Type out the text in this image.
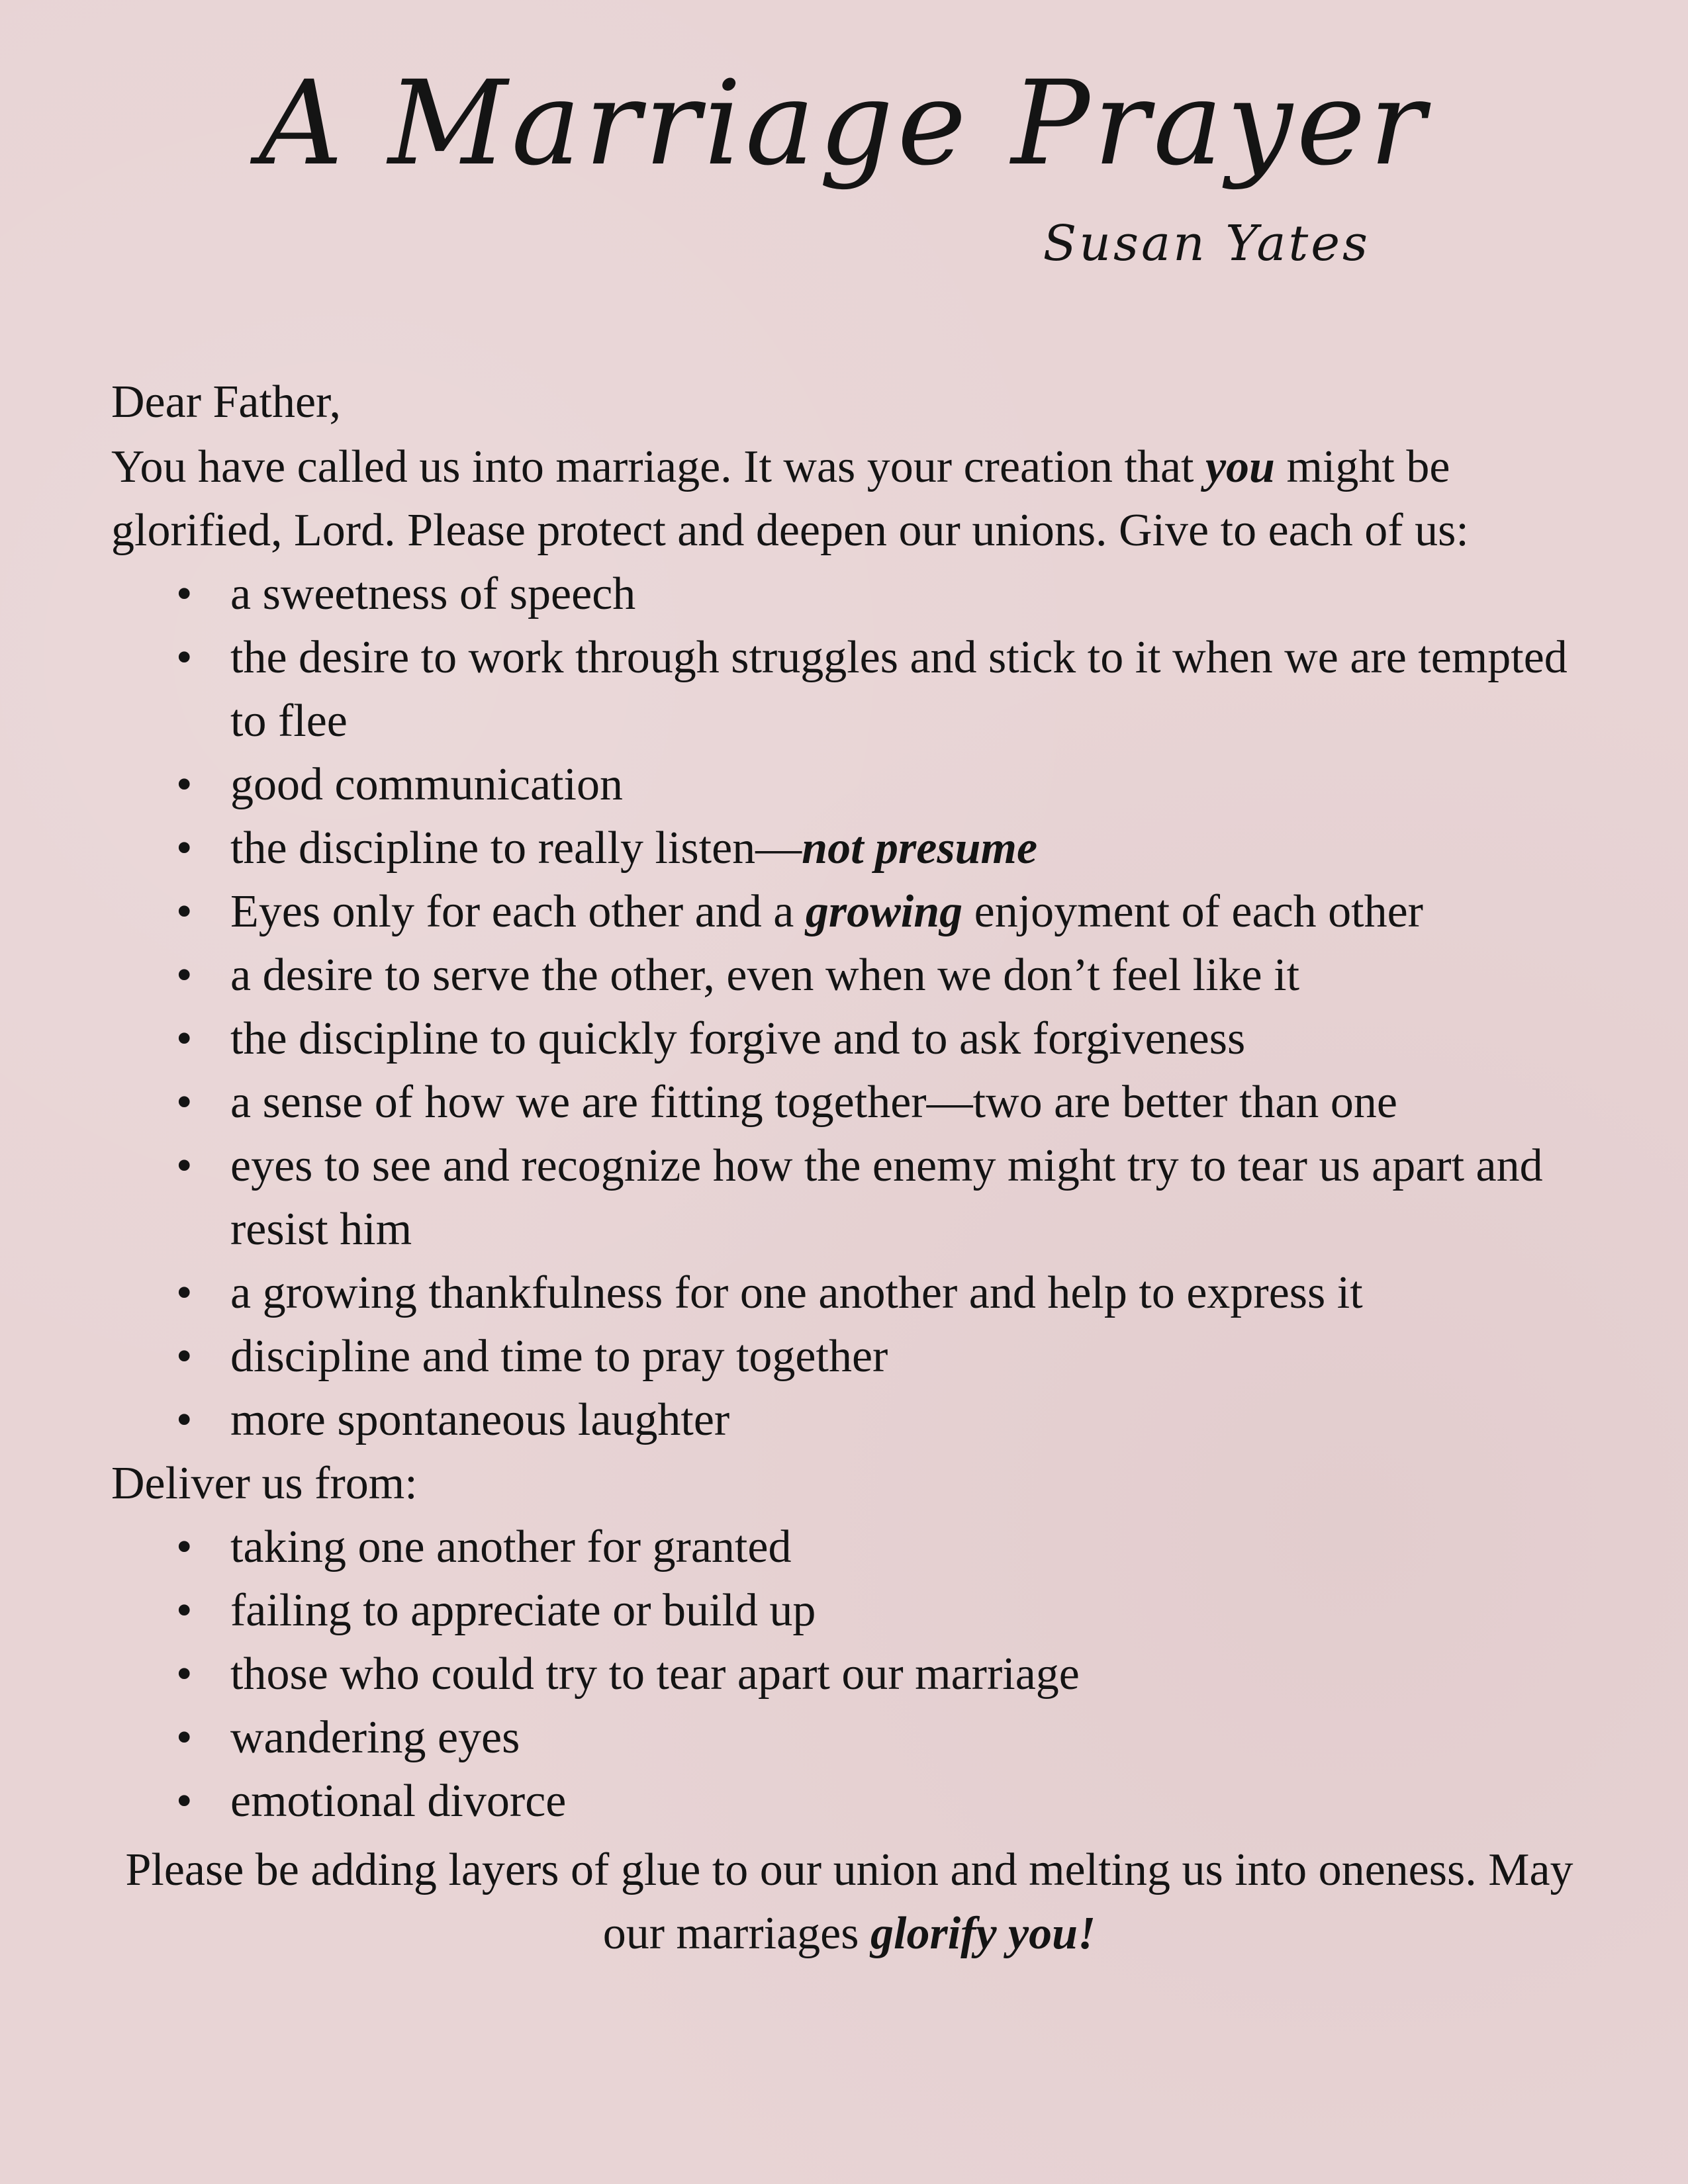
A Marriage Prayer
Susan Yates

Dear Father,

You have called us into marriage. It was your creation that you might be glorified, Lord. Please protect and deepen our unions. Give to each of us:

• a sweetness of speech
• the desire to work through struggles and stick to it when we are tempted to flee
• good communication
• the discipline to really listen—not presume
• Eyes only for each other and a growing enjoyment of each other
• a desire to serve the other, even when we don’t feel like it
• the discipline to quickly forgive and to ask forgiveness
• a sense of how we are fitting together—two are better than one
• eyes to see and recognize how the enemy might try to tear us apart and resist him
• a growing thankfulness for one another and help to express it
• discipline and time to pray together
• more spontaneous laughter

Deliver us from:

• taking one another for granted
• failing to appreciate or build up
• those who could try to tear apart our marriage
• wandering eyes
• emotional divorce

Please be adding layers of glue to our union and melting us into oneness. May our marriages glorify you!
